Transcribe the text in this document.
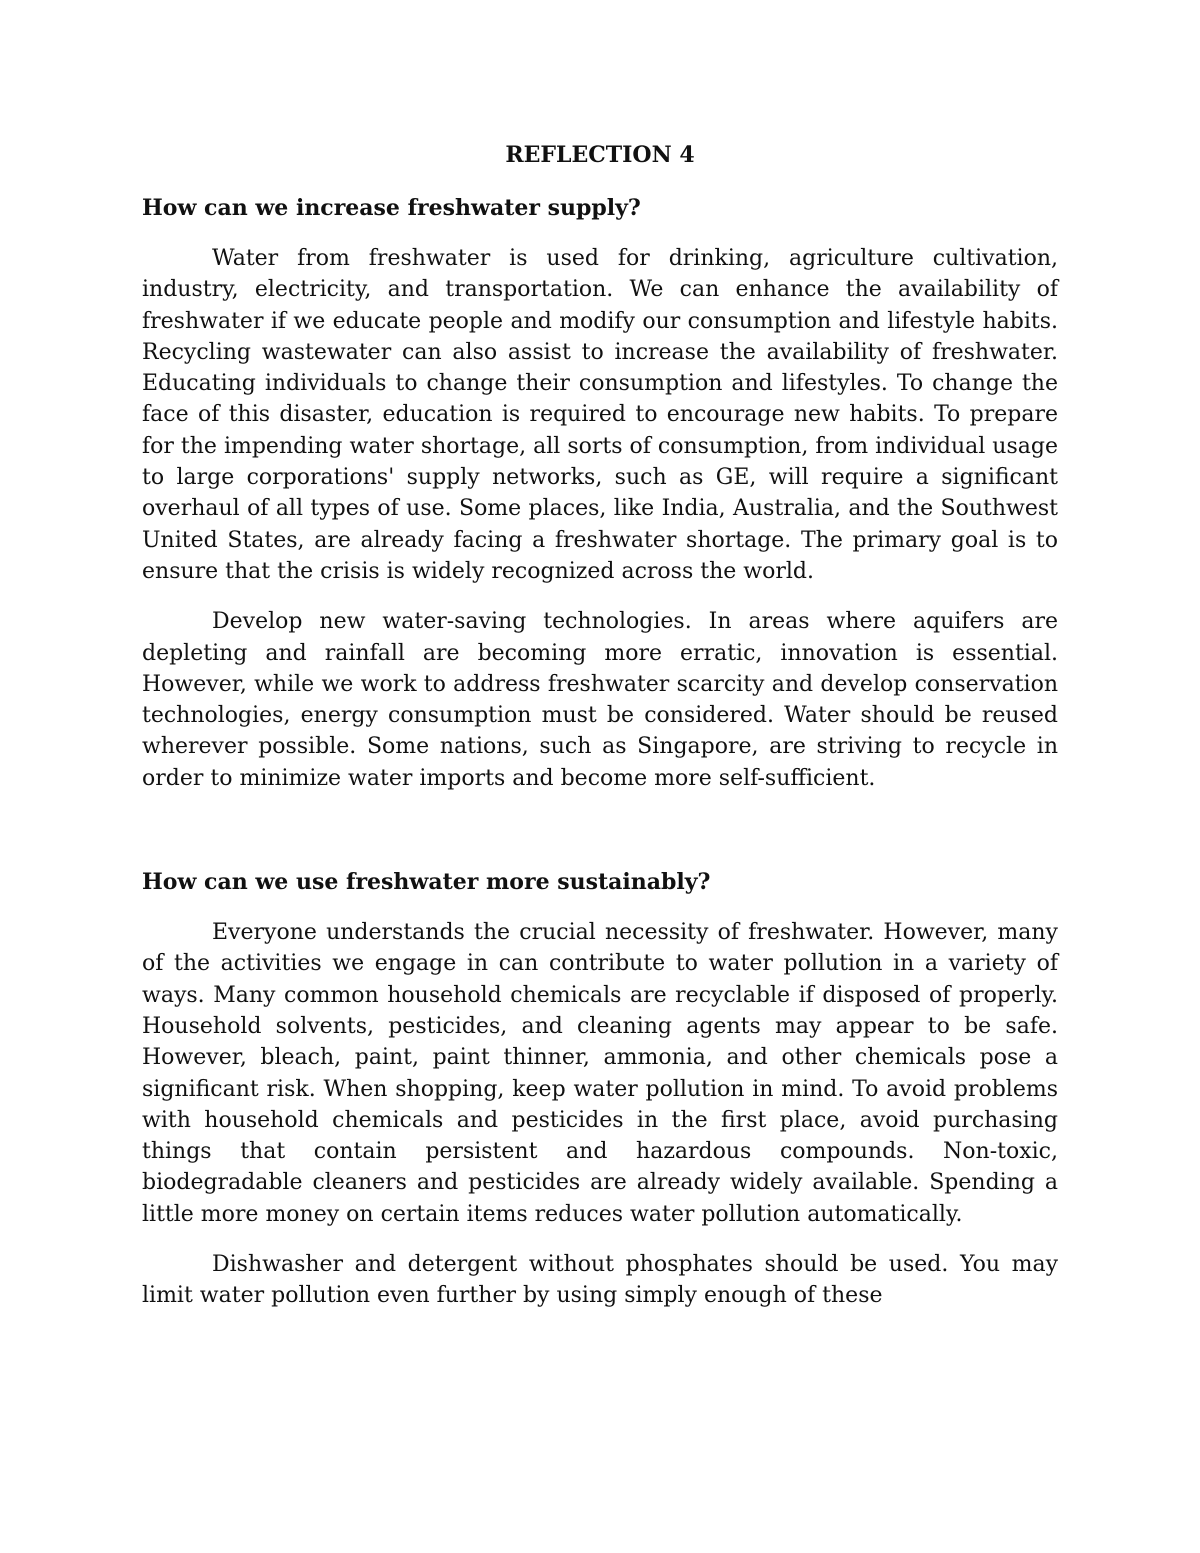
REFLECTION 4
How can we increase freshwater supply?

Water from freshwater is used for drinking, agriculture cultivation, industry, electricity, and transportation. We can enhance the availability of freshwater if we educate people and modify our consumption and lifestyle habits. Recycling wastewater can also assist to increase the availability of freshwater. Educating individuals to change their consumption and lifestyles. To change the face of this disaster, education is required to encourage new habits. To prepare for the impending water shortage, all sorts of consumption, from individual usage to large corporations' supply networks, such as GE, will require a significant overhaul of all types of use. Some places, like India, Australia, and the Southwest United States, are already facing a freshwater shortage. The primary goal is to ensure that the crisis is widely recognized across the world.

Develop new water-saving technologies. In areas where aquifers are depleting and rainfall are becoming more erratic, innovation is essential. However, while we work to address freshwater scarcity and develop conservation technologies, energy consumption must be considered. Water should be reused wherever possible. Some nations, such as Singapore, are striving to recycle in order to minimize water imports and become more self-sufficient.

How can we use freshwater more sustainably?

Everyone understands the crucial necessity of freshwater. However, many of the activities we engage in can contribute to water pollution in a variety of ways. Many common household chemicals are recyclable if disposed of properly. Household solvents, pesticides, and cleaning agents may appear to be safe. However, bleach, paint, paint thinner, ammonia, and other chemicals pose a significant risk. When shopping, keep water pollution in mind. To avoid problems with household chemicals and pesticides in the first place, avoid purchasing things that contain persistent and hazardous compounds. Non-toxic, biodegradable cleaners and pesticides are already widely available. Spending a little more money on certain items reduces water pollution automatically.

Dishwasher and detergent without phosphates should be used. You may limit water pollution even further by using simply enough of these
